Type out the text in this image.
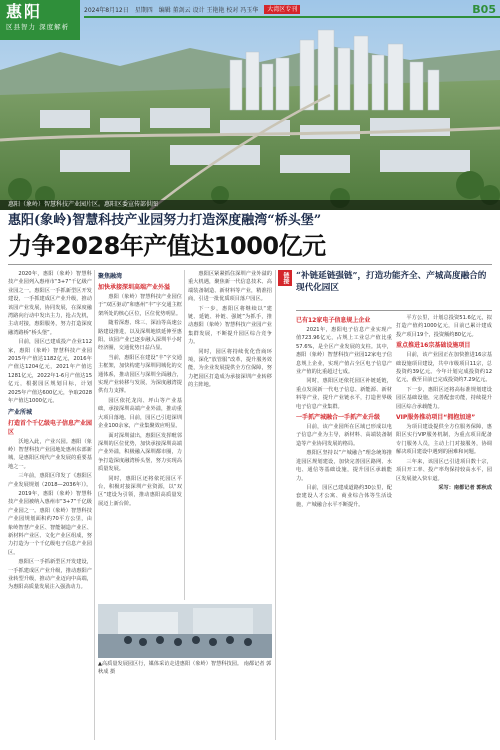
惠阳（象岭）智慧科技产业园片区。惠阳区委宣传部供图
惠阳
区县智力 深度解析
2024年8月12日 星期四 编辑 董剑云 设计 王艳艳 校对 冯玉华	大湾区专刊	B05
惠阳(象岭)智慧科技产业园努力打造深度融湾“桥头堡”
力争2028年产值达1000亿元

2020年，惠阳（象岭）智慧科技产业园列入惠州市“3+7”千亿级产业园之一。惠阳区一手抓新型区开发建设，一手抓建成区产业升级，推动该园产业发展，协同发展，在深度融湾路向行动中发出主力，抢占先机，主动对接，惠阳服务，努力打造深度融湾路桥“桥头堡”。

目前，园区已建成投产企业112家，惠阳（象岭）智慧科技产业园2015年产值达1182亿元，2016年产值达1204亿元，2021年产值达1281亿元，2022年1-6月产值达15亿元，根据园区规划目标，计划2025年产值达600亿元，争取2028年产值达1000亿元。

产业所城

打造首个千亿级电子信息产业园区

沃地入此，产业兴园。惠阳（象岭）智慧科技产业园地处惠州东部新城，是惠阳区现代产业发展的重要基地之一。

三年前，惠阳区印发了《惠阳区产业发展规划（2018—2036年）》。

2019年，惠阳（象岭）智慧科技产业园被纳入惠州市“3+7”千亿级产业园之一。惠阳（象岭）智慧科技产业园规划面积约70平方公里，由象岭智慧产业区、智能制造产业区、新材料产业区、文化产业区组成，努力打造为一个千亿级电子信息产业园区。

惠阳区一手抓新型区开发建设，一手抓建成区产业升级，推动惠阳产业转型升级，推动产业迈向中高端，为惠阳高质量发展注入强劲动力。

聚焦融湾

加快承接深圳高端产业外溢

惠阳（象岭）智慧科技产业园位于“双区驱动”和惠州“丰”字交通主框架所处的核心区位，区位优势明显。

随着深惠、珠三、深汕等高速公路建设推进，以及深圳地铁延伸至惠阳，该园产业已逐步融入深圳半小时经济圈，交通优势日益凸显。

当前，惠阳区在建设“丰”字交通主框架，加快构建与深圳同城化的交通体系，推动园区与深圳全面融合，实现产业转移与发展，为深度融湾提供有力支撑。

园区依托龙岗、坪山等产业基础，承接深圳高端产业外溢，推动重大项目落地。目前，园区已引进深圳企业100余家，产业集聚效应明显。

面对深圳溢出，惠阳区发挥毗邻深圳的区位优势，加快承接深圳高端产业外溢，积极融入深圳都市圈，力争打造深度融湾桥头堡，努力实现高质量发展。

同时，惠阳区还将依托园区平台，积极对接深圳产业资源，以“双区”建设为引领，推动惠阳高质量发展迈上新台阶。

惠阳区紧紧抓住深圳产业外溢的重大机遇，聚焦新一代信息技术、高端装备制造、新材料等产业，精准招商，引进一批优质项目落户园区。

下一步，惠阳区将继续以“建链、延链、补链、强链”为抓手，推动惠阳（象岭）智慧科技产业园产业集群发展，不断提升园区综合竞争力。

同时，园区将持续优化营商环境，深化“放管服”改革，提升服务效能，为企业发展提供全方位保障，努力把园区打造成为承接深圳产业转移的主阵地。

▲高质量发展园区行，媒体采访走进惠阳（象岭）智慧科技园。 南都记者 郭秋成 摄
链接 “补链延链强链”，打造功能齐全、产城高度融合的现代化园区

已有12家电子信息规上企业

2021年，惠阳电子信息产业实现产值723.96亿元，占规上工业总产值比重57.6%，是全区产业发展的支柱。其中，惠阳（象岭）智慧科技产业园12家电子信息规上企业，实现产值占全区电子信息产业产值的比重超过七成。

同时，惠阳区还依托园区补链延链，重点发展新一代电子信息、新能源、新材料等产业，提升产业链水平，打造世界级电子信息产业集群。

一手抓产城融合一手抓产业升级

目前，该产业园所在区域已形成以电子信息产业为主导，新材料、高端装备制造等产业协同发展的格局。

惠阳区坚持以“产城融合”理念统筹推进园区规划建设，加快完善园区路网、水电、通信等基础设施，提升园区承载能力。

目前，园区已建成道路约30公里，配套建设人才公寓、商业综合体等生活设施，产城融合水平不断提升。

平方公里，计划总投资51.6亿元，拟打造产值约1000亿元，目前已累计建成投产项目19个，投资额约80亿元。

重点推进16宗基础设施项目

目前，该产业园正在加快推进16宗基础设施项目建设，共中市级项目11宗，总投资约39亿元。今年计划完成投资约12亿元，截至目前已完成投资约7.29亿元。

下一步，惠阳区还将高标准规划建设园区基础设施，完善配套功能，持续提升园区综合承载能力。

VIP服务推动项目“拥抱加速”

为项目建设提供全方位服务保障，惠阳区实行VIP服务机制，为重点项目配备专门服务人员，主动上门对接服务，协调解决项目建设中遇到的困难和问题。

三年来，该园区已引进项目数十宗，项目开工率、投产率均保持较高水平，园区发展驶入快车道。

采写：南都记者 郭秋成
